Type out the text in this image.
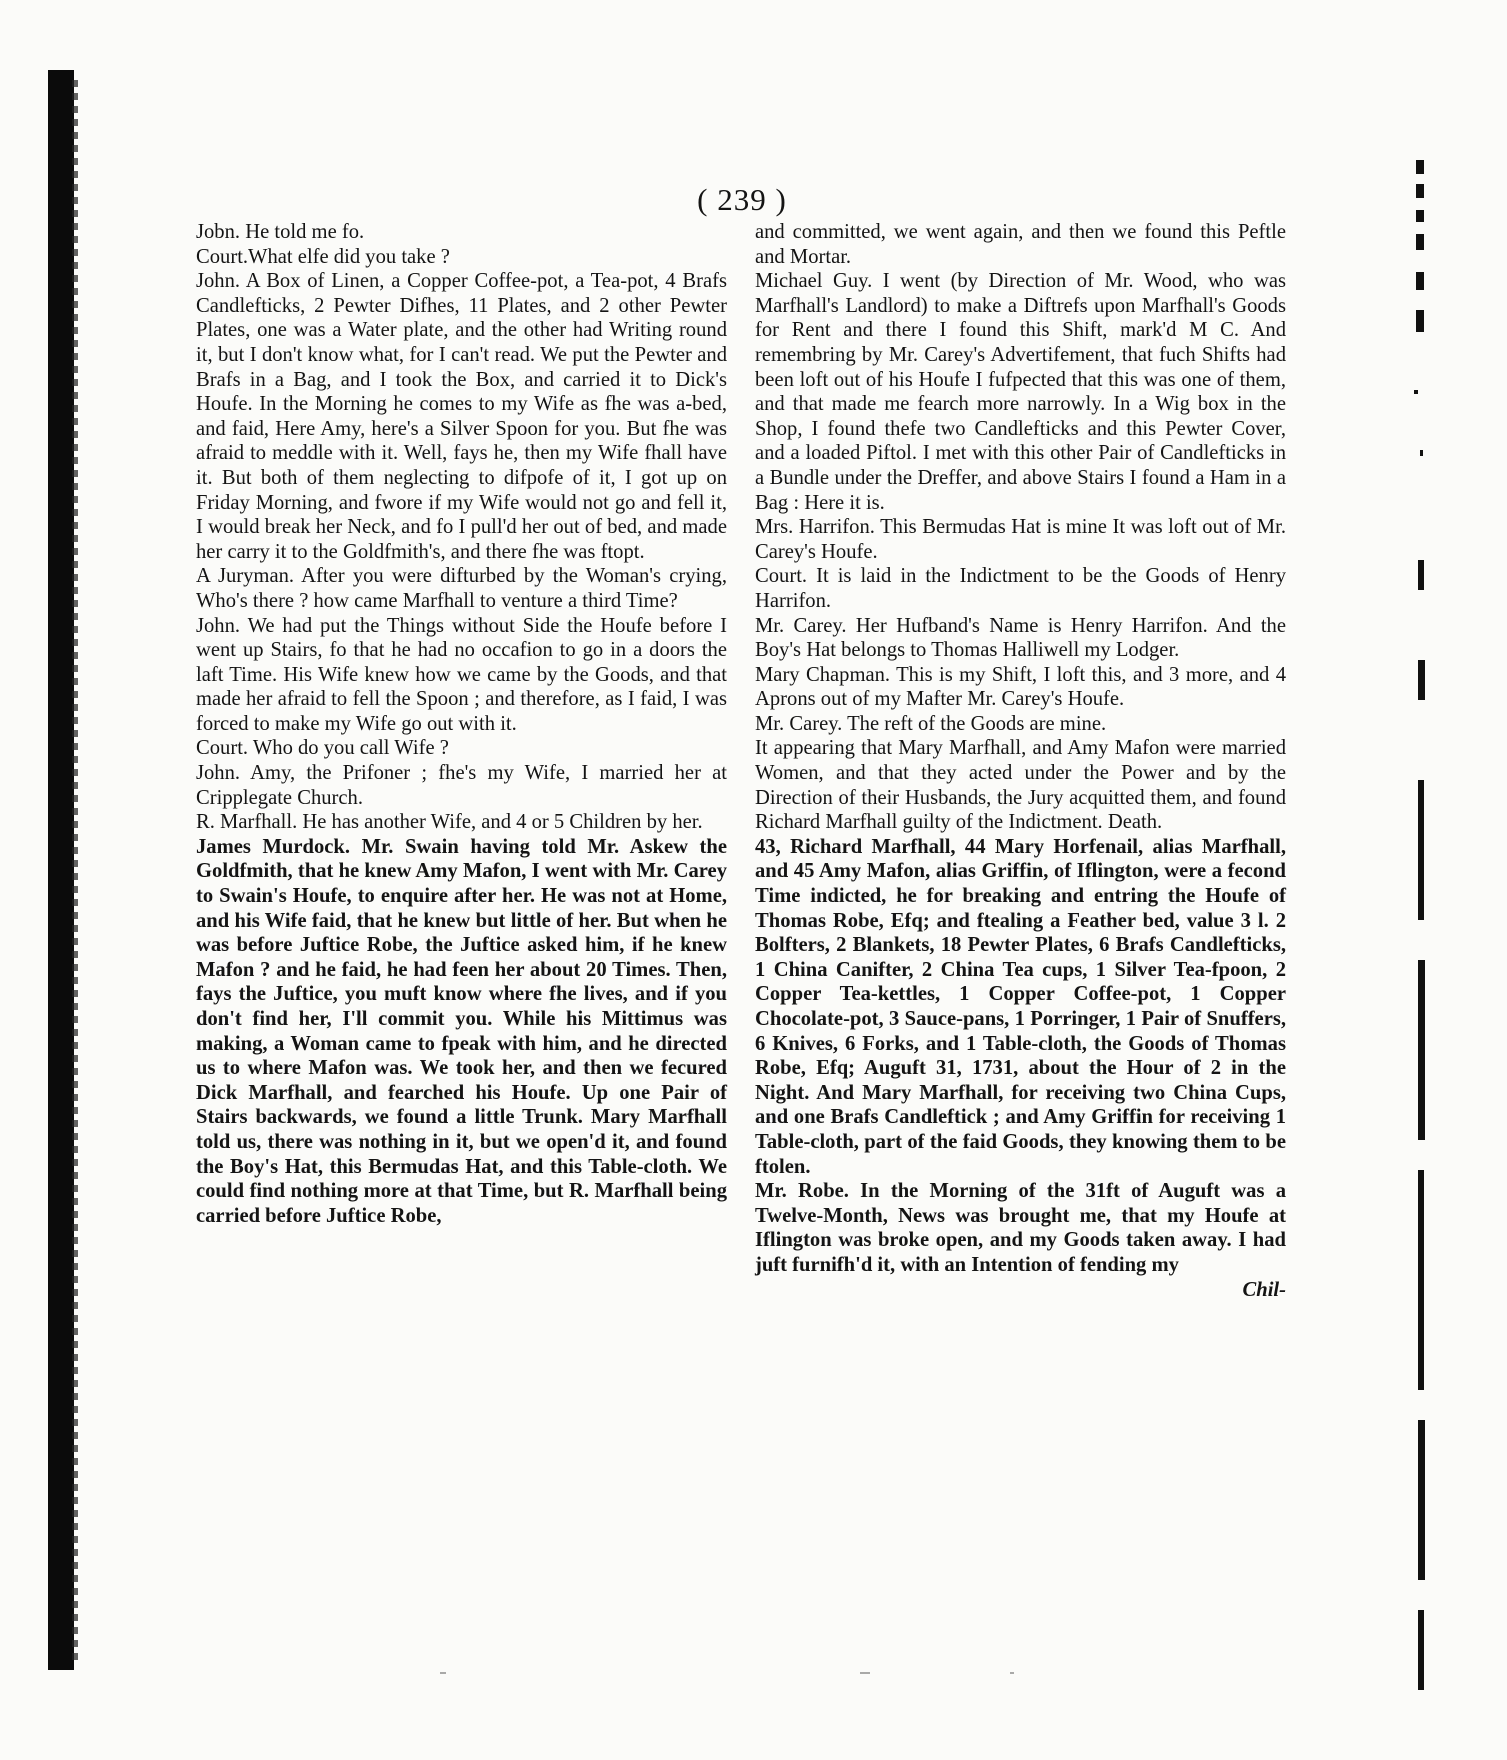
( 239 )

Jobn. He told me fo.

Court.What elfe did you take ?

John. A Box of Linen, a Copper Coffee-pot, a Tea-pot, 4 Brafs Candlefticks, 2 Pewter Difhes, 11 Plates, and 2 other Pewter Plates, one was a Water plate, and the other had Writing round it, but I don't know what, for I can't read. We put the Pewter and Brafs in a Bag, and I took the Box, and carried it to Dick's Houfe. In the Morning he comes to my Wife as fhe was a-bed, and faid, Here Amy, here's a Silver Spoon for you. But fhe was afraid to meddle with it. Well, fays he, then my Wife fhall have it. But both of them neglecting to difpofe of it, I got up on Friday Morning, and fwore if my Wife would not go and fell it, I would break her Neck, and fo I pull'd her out of bed, and made her carry it to the Goldfmith's, and there fhe was ftopt.

A Juryman. After you were difturbed by the Woman's crying, Who's there ? how came Marfhall to venture a third Time?

John. We had put the Things without Side the Houfe before I went up Stairs, fo that he had no occafion to go in a doors the laft Time. His Wife knew how we came by the Goods, and that made her afraid to fell the Spoon ; and therefore, as I faid, I was forced to make my Wife go out with it.

Court. Who do you call Wife ?

John. Amy, the Prifoner ; fhe's my Wife, I married her at Cripplegate Church.

R. Marfhall. He has another Wife, and 4 or 5 Children by her.

James Murdock. Mr. Swain having told Mr. Askew the Goldfmith, that he knew Amy Mafon, I went with Mr. Carey to Swain's Houfe, to enquire after her. He was not at Home, and his Wife faid, that he knew but little of her. But when he was before Juftice Robe, the Juftice asked him, if he knew Mafon ? and he faid, he had feen her about 20 Times. Then, fays the Juftice, you muft know where fhe lives, and if you don't find her, I'll commit you. While his Mittimus was making, a Woman came to fpeak with him, and he directed us to where Mafon was. We took her, and then we fecured Dick Marfhall, and fearched his Houfe. Up one Pair of Stairs backwards, we found a little Trunk. Mary Marfhall told us, there was nothing in it, but we open'd it, and found the Boy's Hat, this Bermudas Hat, and this Table-cloth. We could find nothing more at that Time, but R. Marfhall being carried before Juftice Robe,

and committed, we went again, and then we found this Peftle and Mortar.

Michael Guy. I went (by Direction of Mr. Wood, who was Marfhall's Landlord) to make a Diftrefs upon Marfhall's Goods for Rent and there I found this Shift, mark'd M C. And remembring by Mr. Carey's Advertifement, that fuch Shifts had been loft out of his Houfe I fufpected that this was one of them, and that made me fearch more narrowly. In a Wig box in the Shop, I found thefe two Candlefticks and this Pewter Cover, and a loaded Piftol. I met with this other Pair of Candlefticks in a Bundle under the Dreffer, and above Stairs I found a Ham in a Bag : Here it is.

Mrs. Harrifon. This Bermudas Hat is mine It was loft out of Mr. Carey's Houfe.

Court. It is laid in the Indictment to be the Goods of Henry Harrifon.

Mr. Carey. Her Hufband's Name is Henry Harrifon. And the Boy's Hat belongs to Thomas Halliwell my Lodger.

Mary Chapman. This is my Shift, I loft this, and 3 more, and 4 Aprons out of my Mafter Mr. Carey's Houfe.

Mr. Carey. The reft of the Goods are mine.

It appearing that Mary Marfhall, and Amy Mafon were married Women, and that they acted under the Power and by the Direction of their Husbands, the Jury acquitted them, and found Richard Marfhall guilty of the Indictment. Death.

43, Richard Marfhall, 44 Mary Horfenail, alias Marfhall, and 45 Amy Mafon, alias Griffin, of Iflington, were a fecond Time indicted, he for breaking and entring the Houfe of Thomas Robe, Efq; and ftealing a Feather bed, value 3 l. 2 Bolfters, 2 Blankets, 18 Pewter Plates, 6 Brafs Candlefticks, 1 China Canifter, 2 China Tea cups, 1 Silver Tea-fpoon, 2 Copper Tea-kettles, 1 Copper Coffee-pot, 1 Copper Chocolate-pot, 3 Sauce-pans, 1 Porringer, 1 Pair of Snuffers, 6 Knives, 6 Forks, and 1 Table-cloth, the Goods of Thomas Robe, Efq; Auguft 31, 1731, about the Hour of 2 in the Night. And Mary Marfhall, for receiving two China Cups, and one Brafs Candleftick ; and Amy Griffin for receiving 1 Table-cloth, part of the faid Goods, they knowing them to be ftolen.

Mr. Robe. In the Morning of the 31ft of Auguft was a Twelve-Month, News was brought me, that my Houfe at Iflington was broke open, and my Goods taken away. I had juft furnifh'd it, with an Intention of fending my

Chil-
